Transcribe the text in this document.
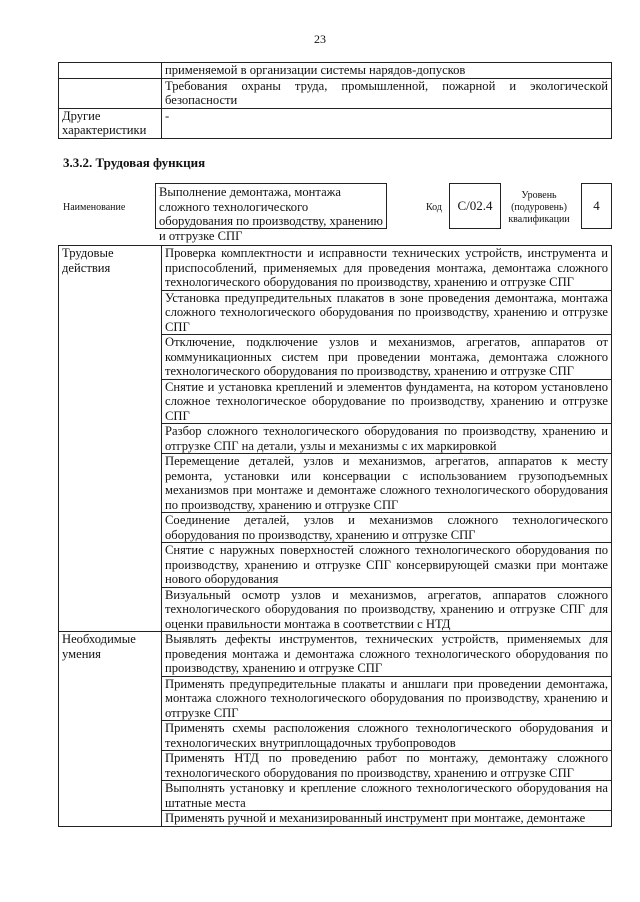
23
	применяемой в организации системы нарядов-допусков
	Требования охраны труда, промышленной, пожарной и экологической безопасности
Другие характеристики	-
3.3.2. Трудовая функция
Наименование
Выполнение демонтажа, монтажа сложного технологического оборудования по производству, хранению и отгрузке СПГ
Код	C/02.4
Уровень (подуровень) квалификации
4
Трудовые действия	Проверка комплектности и исправности технических устройств, инструмента и приспособлений, применяемых для проведения монтажа, демонтажа сложного технологического оборудования по производству, хранению и отгрузке СПГ
	Установка предупредительных плакатов в зоне проведения демонтажа, монтажа сложного технологического оборудования по производству, хранению и отгрузке СПГ
	Отключение, подключение узлов и механизмов, агрегатов, аппаратов от коммуникационных систем при проведении монтажа, демонтажа сложного технологического оборудования по производству, хранению и отгрузке СПГ
	Снятие и установка креплений и элементов фундамента, на котором установлено сложное технологическое оборудование по производству, хранению и отгрузке СПГ
	Разбор сложного технологического оборудования по производству, хранению и отгрузке СПГ на детали, узлы и механизмы с их маркировкой
	Перемещение деталей, узлов и механизмов, агрегатов, аппаратов к месту ремонта, установки или консервации с использованием грузоподъемных механизмов при монтаже и демонтаже сложного технологического оборудования по производству, хранению и отгрузке СПГ
	Соединение деталей, узлов и механизмов сложного технологического оборудования по производству, хранению и отгрузке СПГ
	Снятие с наружных поверхностей сложного технологического оборудования по производству, хранению и отгрузке СПГ консервирующей смазки при монтаже нового оборудования
	Визуальный осмотр узлов и механизмов, агрегатов, аппаратов сложного технологического оборудования по производству, хранению и отгрузке СПГ для оценки правильности монтажа в соответствии с НТД
Необходимые умения	Выявлять дефекты инструментов, технических устройств, применяемых для проведения монтажа и демонтажа сложного технологического оборудования по производству, хранению и отгрузке СПГ
	Применять предупредительные плакаты и аншлаги при проведении демонтажа, монтажа сложного технологического оборудования по производству, хранению и отгрузке СПГ
	Применять схемы расположения сложного технологического оборудования и технологических внутриплощадочных трубопроводов
	Применять НТД по проведению работ по монтажу, демонтажу сложного технологического оборудования по производству, хранению и отгрузке СПГ
	Выполнять установку и крепление сложного технологического оборудования на штатные места
	Применять ручной и механизированный инструмент при монтаже, демонтаже
